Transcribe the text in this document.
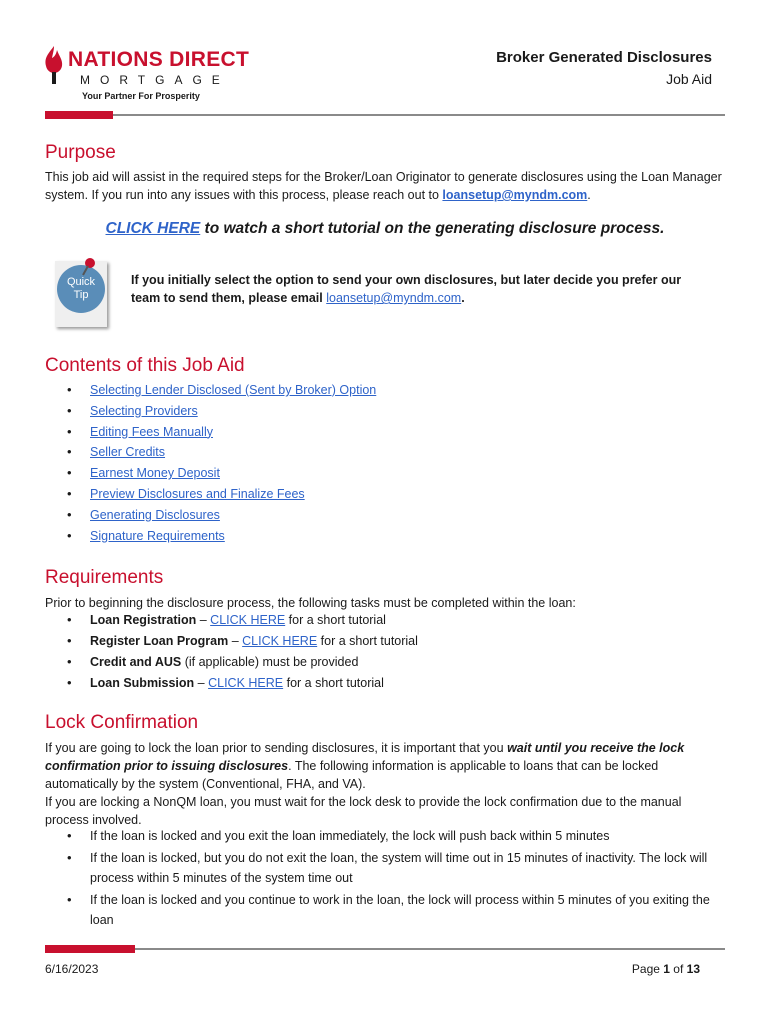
NATIONS DIRECT
MORTGAGE
Your Partner For Prosperity
Broker Generated Disclosures
Job Aid
Purpose

This job aid will assist in the required steps for the Broker/Loan Originator to generate disclosures using the Loan Manager system. If you run into any issues with this process, please reach out to loansetup@myndm.com.

CLICK HERE to watch a short tutorial on the generating disclosure process.
Quick
Tip
If you initially select the option to send your own disclosures, but later decide you prefer our team to send them, please email loansetup@myndm.com.
Contents of this Job Aid
• Selecting Lender Disclosed (Sent by Broker) Option
• Selecting Providers
• Editing Fees Manually
• Seller Credits
• Earnest Money Deposit
• Preview Disclosures and Finalize Fees
• Generating Disclosures
• Signature Requirements
Requirements

Prior to beginning the disclosure process, the following tasks must be completed within the loan:

• Loan Registration – CLICK HERE for a short tutorial
• Register Loan Program – CLICK HERE for a short tutorial
• Credit and AUS (if applicable) must be provided
• Loan Submission – CLICK HERE for a short tutorial
Lock Confirmation

If you are going to lock the loan prior to sending disclosures, it is important that you wait until you receive the lock confirmation prior to issuing disclosures. The following information is applicable to loans that can be locked automatically by the system (Conventional, FHA, and VA).

If you are locking a NonQM loan, you must wait for the lock desk to provide the lock confirmation due to the manual process involved.

• If the loan is locked and you exit the loan immediately, the lock will push back within 5 minutes
• If the loan is locked, but you do not exit the loan, the system will time out in 15 minutes of inactivity. The lock will process within 5 minutes of the system time out
• If the loan is locked and you continue to work in the loan, the lock will process within 5 minutes of you exiting the loan
6/16/2023	Page 1 of 13
